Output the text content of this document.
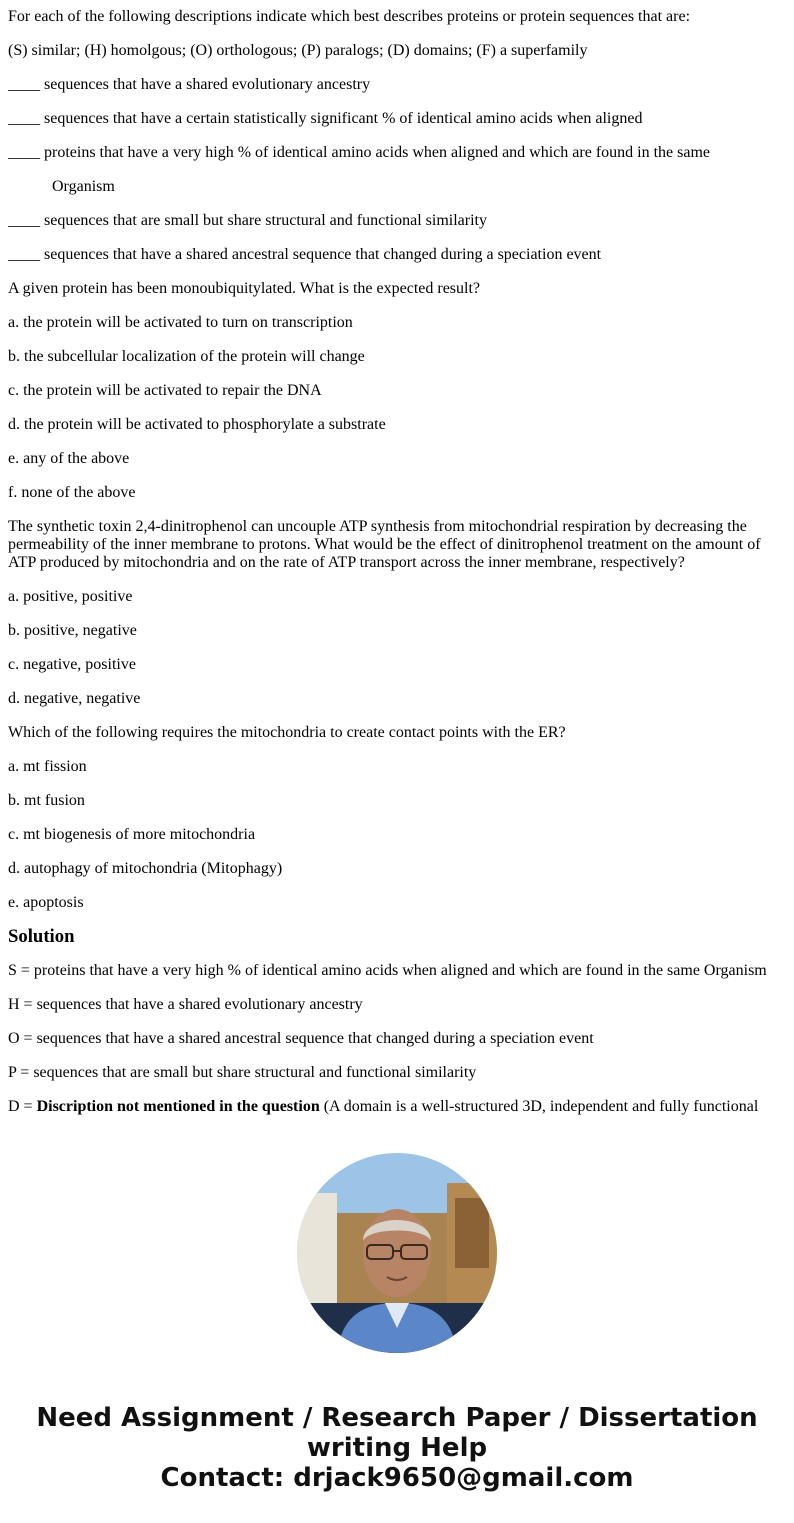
For each of the following descriptions indicate which best describes proteins or protein sequences that are:

(S) similar; (H) homolgous; (O) orthologous; (P) paralogs; (D) domains; (F) a superfamily

____ sequences that have a shared evolutionary ancestry

____ sequences that have a certain statistically significant % of identical amino acids when aligned

____ proteins that have a very high % of identical amino acids when aligned and which are found in the same

Organism

____ sequences that are small but share structural and functional similarity

____ sequences that have a shared ancestral sequence that changed during a speciation event

A given protein has been monoubiquitylated. What is the expected result?

a. the protein will be activated to turn on transcription

b. the subcellular localization of the protein will change

c. the protein will be activated to repair the DNA

d. the protein will be activated to phosphorylate a substrate

e. any of the above

f. none of the above

The synthetic toxin 2,4-dinitrophenol can uncouple ATP synthesis from mitochondrial respiration by decreasing the permeability of the inner membrane to protons. What would be the effect of dinitrophenol treatment on the amount of ATP produced by mitochondria and on the rate of ATP transport across the inner membrane, respectively?

a. positive, positive

b. positive, negative

c. negative, positive

d. negative, negative

Which of the following requires the mitochondria to create contact points with the ER?

a. mt fission

b. mt fusion

c. mt biogenesis of more mitochondria

d. autophagy of mitochondria (Mitophagy)

e. apoptosis

Solution

S = proteins that have a very high % of identical amino acids when aligned and which are found in the same Organism

H = sequences that have a shared evolutionary ancestry

O = sequences that have a shared ancestral sequence that changed during a speciation event

P = sequences that are small but share structural and functional similarity

D = Discription not mentioned in the question (A domain is a well-structured 3D, independent and fully functional

Need Assignment / Research Paper / Dissertation
writing Help
Contact: drjack9650@gmail.com
